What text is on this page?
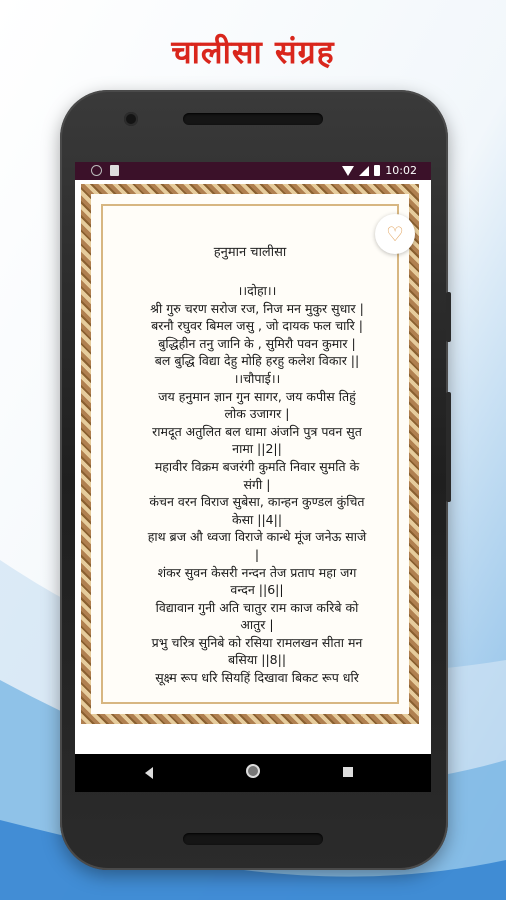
चालीसा संग्रह
10:02
हनुमान चालीसा
।।दोहा।।
श्री गुरु चरण सरोज रज, निज मन मुकुर सुधार |
बरनौ रघुवर बिमल जसु , जो दायक फल चारि |
बुद्धिहीन तनु जानि के , सुमिरौ पवन कुमार |
बल बुद्धि विद्या देहु मोहि हरहु कलेश विकार ||
।।चौपाई।।
जय हनुमान ज्ञान गुन सागर, जय कपीस तिहुं
लोक उजागर |
रामदूत अतुलित बल धामा अंजनि पुत्र पवन सुत
नामा ||2||
महावीर विक्रम बजरंगी कुमति निवार सुमति के
संगी |
कंचन वरन विराज सुबेसा, कान्हन कुण्डल कुंचित
केसा ||4||
हाथ ब्रज औ ध्वजा विराजे कान्धे मूंज जनेऊ साजे
|
शंकर सुवन केसरी नन्दन तेज प्रताप महा जग
वन्दन ||6||
विद्यावान गुनी अति चातुर राम काज करिबे को
आतुर |
प्रभु चरित्र सुनिबे को रसिया रामलखन सीता मन
बसिया ||8||
सूक्ष्म रूप धरि सियहिं दिखावा बिकट रूप धरि
♡
